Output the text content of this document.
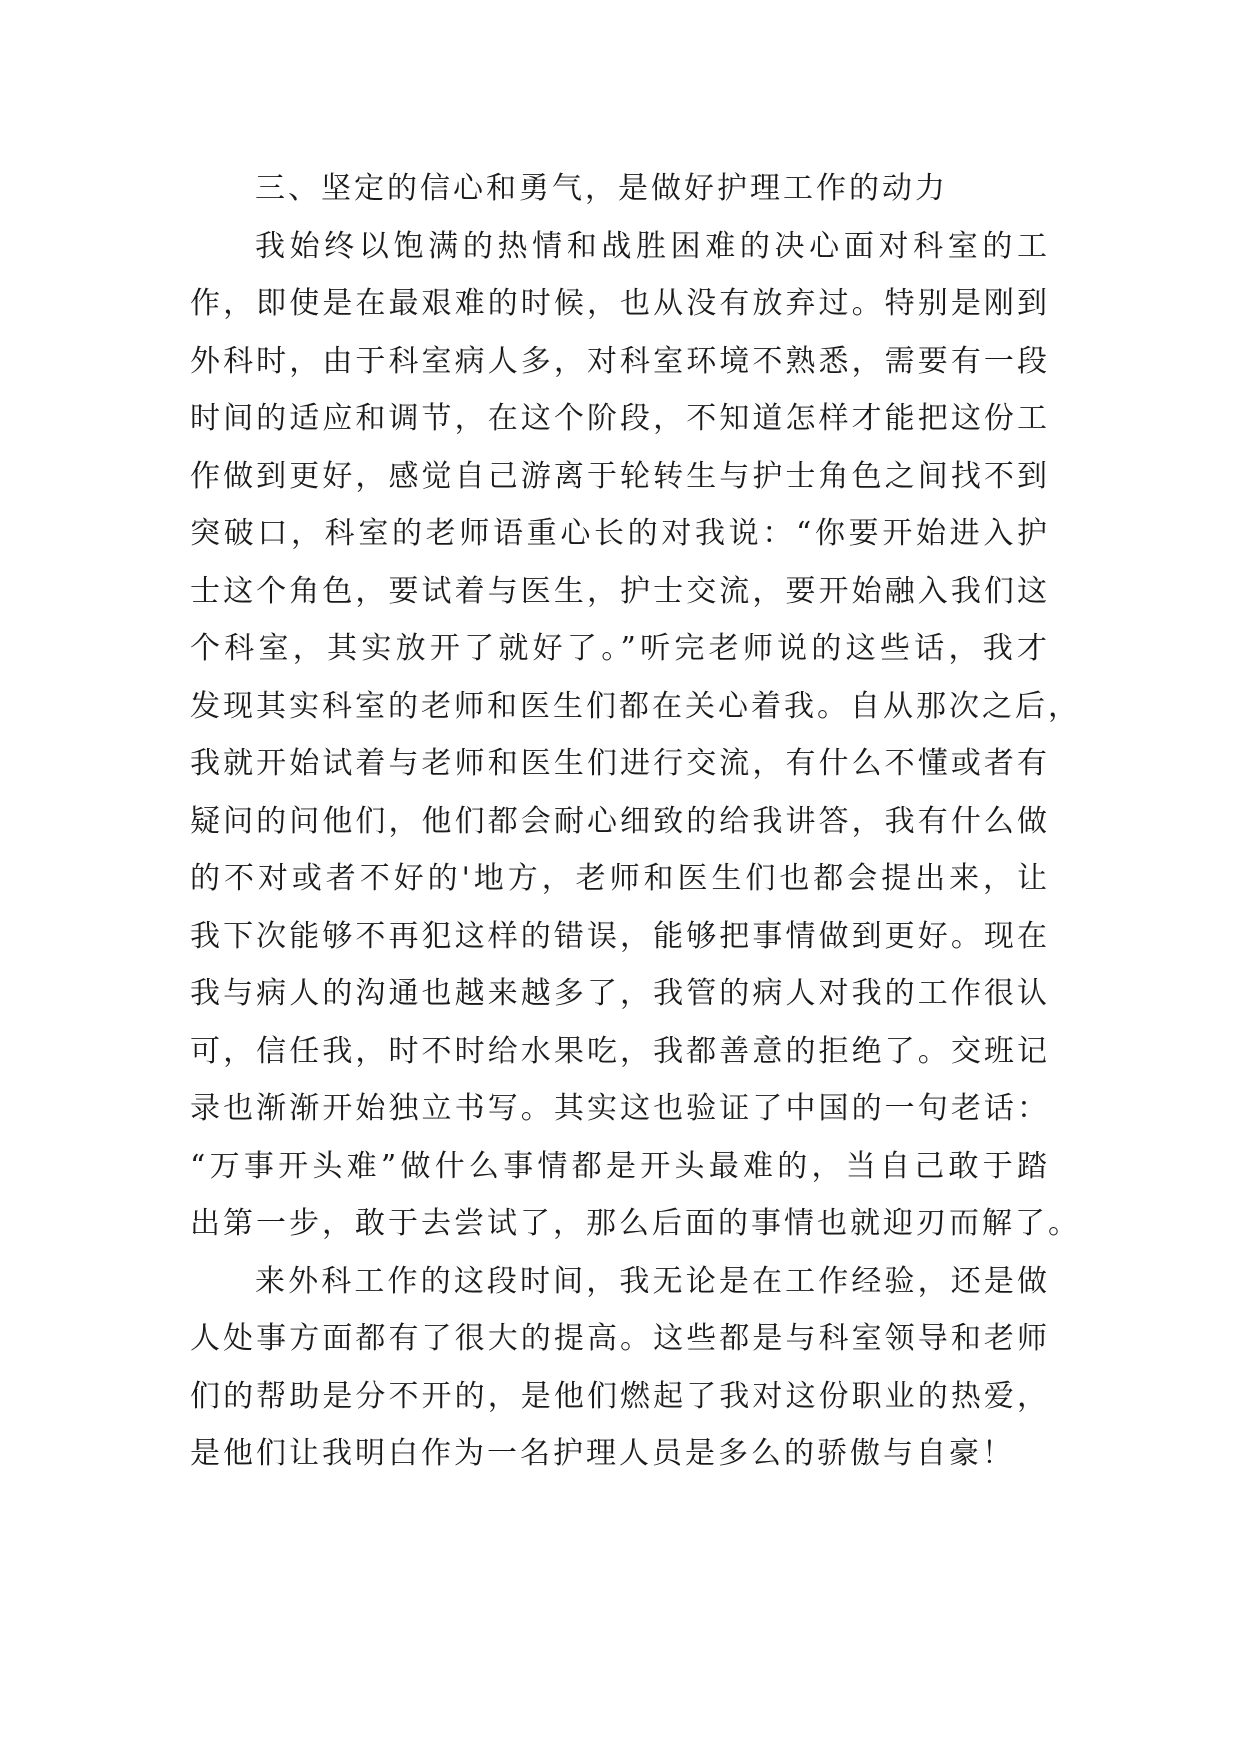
三、坚定的信心和勇气，是做好护理工作的动力
我始终以饱满的热情和战胜困难的决心面对科室的工
作，即使是在最艰难的时候，也从没有放弃过。特别是刚到
外科时，由于科室病人多，对科室环境不熟悉，需要有一段
时间的适应和调节，在这个阶段，不知道怎样才能把这份工
作做到更好，感觉自己游离于轮转生与护士角色之间找不到
突破口，科室的老师语重心长的对我说：“你要开始进入护
士这个角色，要试着与医生，护士交流，要开始融入我们这
个科室，其实放开了就好了。”听完老师说的这些话，我才
发现其实科室的老师和医生们都在关心着我。自从那次之后，
我就开始试着与老师和医生们进行交流，有什么不懂或者有
疑问的问他们，他们都会耐心细致的给我讲答，我有什么做
的不对或者不好的'地方，老师和医生们也都会提出来，让
我下次能够不再犯这样的错误，能够把事情做到更好。现在
我与病人的沟通也越来越多了，我管的病人对我的工作很认
可，信任我，时不时给水果吃，我都善意的拒绝了。交班记
录也渐渐开始独立书写。其实这也验证了中国的一句老话：
“万事开头难”做什么事情都是开头最难的，当自己敢于踏
出第一步，敢于去尝试了，那么后面的事情也就迎刃而解了。
来外科工作的这段时间，我无论是在工作经验，还是做
人处事方面都有了很大的提高。这些都是与科室领导和老师
们的帮助是分不开的，是他们燃起了我对这份职业的热爱，
是他们让我明白作为一名护理人员是多么的骄傲与自豪！
